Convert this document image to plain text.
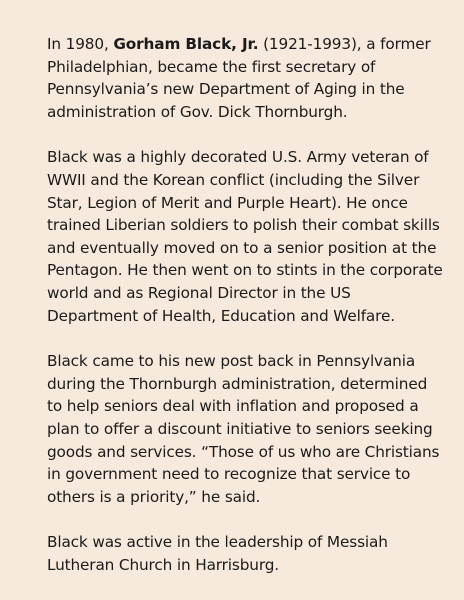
In 1980, Gorham Black, Jr. (1921-1993), a former Philadelphian, became the first secretary of Pennsylvania’s new Department of Aging in the administration of Gov. Dick Thornburgh.

Black was a highly decorated U.S. Army veteran of WWII and the Korean conflict (including the Silver Star, Legion of Merit and Purple Heart). He once trained Liberian soldiers to polish their combat skills and eventually moved on to a senior position at the Pentagon. He then went on to stints in the corporate world and as Regional Director in the US Department of Health, Education and Welfare.

Black came to his new post back in Pennsylvania during the Thornburgh administration, determined to help seniors deal with inflation and proposed a plan to offer a discount initiative to seniors seeking goods and services. “Those of us who are Christians in government need to recognize that service to others is a priority,” he said.

Black was active in the leadership of Messiah Lutheran Church in Harrisburg.
